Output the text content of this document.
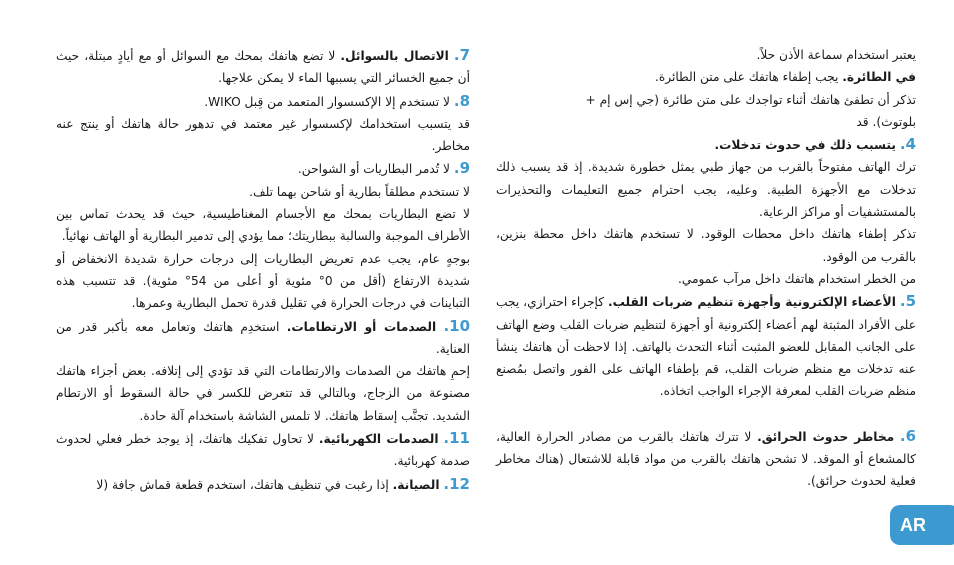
يعتبر استخدام سماعة الأذن حلاً.

في الطائرة. يجب إطفاء هاتفك على متن الطائرة.

تذكر أن تطفئ هاتفك أثناء تواجدك على متن طائرة (جي إس إم +

بلوتوث). قد

4. يتسبب ذلك في حدوث تدخلات.

ترك الهاتف مفتوحاً بالقرب من جهاز طبي يمثل خطورة شديدة. إذ قد يسبب ذلك تدخلات مع الأجهزة الطبية. وعليه، يجب احترام جميع التعليمات والتحذيرات بالمستشفيات أو مراكز الرعاية.

تذكر إطفاء هاتفك داخل محطات الوقود. لا تستخدم هاتفك داخل محطة بنزين، بالقرب من الوقود.

من الخطر استخدام هاتفك داخل مرآب عمومي.

5. الأعضاء الإلكترونية وأجهزة تنظيم ضربات القلب. كإجراء احترازي، يجب على الأفراد المثبتة لهم أعضاء إلكترونية أو أجهزة لتنظيم ضربات القلب وضع الهاتف على الجانب المقابل للعضو المثبت أثناء التحدث بالهاتف. إذا لاحظت أن هاتفك ينشأ عنه تدخلات مع منظم ضربات القلب، قم بإطفاء الهاتف على الفور واتصل بمُصنع منظم ضربات القلب لمعرفة الإجراء الواجب اتخاذه.

6. مخاطر حدوث الحرائق. لا تترك هاتفك بالقرب من مصادر الحرارة العالية، كالمشعاع أو الموقد. لا تشحن هاتفك بالقرب من مواد قابلة للاشتعال (هناك مخاطر فعلية لحدوث حرائق).

7. الاتصال بالسوائل. لا تضع هاتفك بمحك مع السوائل أو مع أيادٍ مبتلة، حيث أن جميع الخسائر التي يسببها الماء لا يمكن علاجها.

8. لا تستخدم إلا الإكسسوار المتعمد من قِبل WIKO.

قد يتسبب استخدامك لإكسسوار غير معتمد في تدهور حالة هاتفك أو ينتج عنه مخاطر.

9. لا تُدمر البطاريات أو الشواحن.

لا تستخدم مطلقاً بطارية أو شاحن بهما تلف.

لا تضع البطاريات بمحك مع الأجسام المغناطيسية، حيث قد يحدث تماس بين الأطراف الموجبة والسالبة ببطاريتك؛ مما يؤدي إلى تدمير البطارية أو الهاتف نهائياً.

بوجهٍ عام، يجب عدم تعريض البطاريات إلى درجات حرارة شديدة الانخفاض أو شديدة الارتفاع (أقل من 0° مئوية أو أعلى من 54° مئوية). قد تتسبب هذه التباينات في درجات الحرارة في تقليل قدرة تحمل البطارية وعمرها.

10. الصدمات أو الارتطامات. استخدِم هاتفك وتعامل معه بأكبر قدر من العناية.

إحمِ هاتفك من الصدمات والارتطامات التي قد تؤدي إلى إتلافه. بعض أجزاء هاتفك مصنوعة من الزجاج، وبالتالي قد تتعرض للكسر في حالة السقوط أو الارتطام الشديد. تجنَّب إسقاط هاتفك. لا تلمس الشاشة باستخدام آلة حادة.

11. الصدمات الكهربائية. لا تحاول تفكيك هاتفك، إذ يوجد خطر فعلي لحدوث صدمة كهربائية.

12. الصيانة. إذا رغبت في تنظيف هاتفك، استخدم قطعة قماش جافة (لا

AR
